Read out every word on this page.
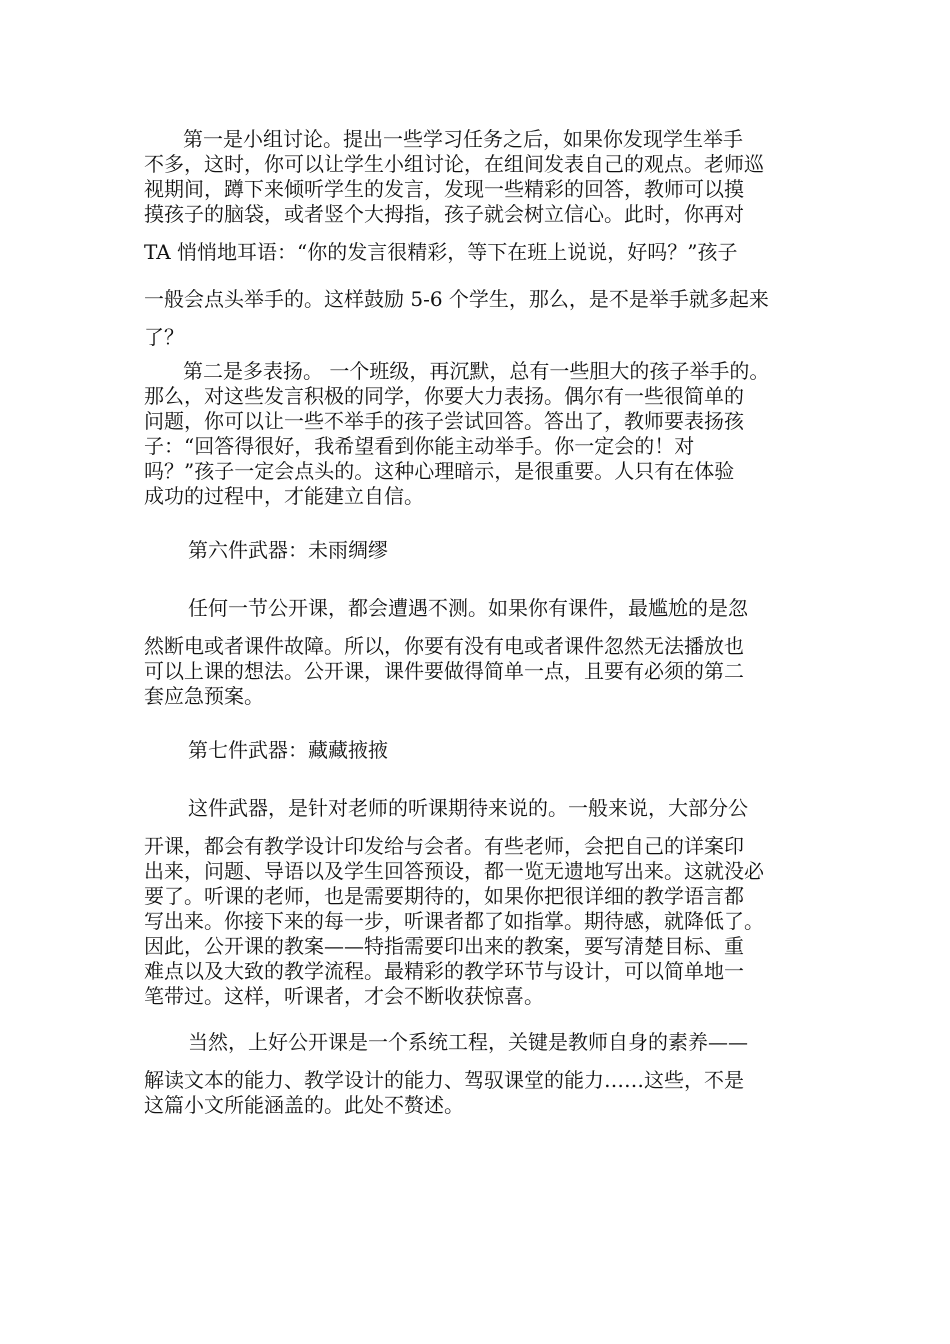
第一是小组讨论。提出一些学习任务之后，如果你发现学生举手
不多，这时，你可以让学生小组讨论，在组间发表自己的观点。老师巡
视期间，蹲下来倾听学生的发言，发现一些精彩的回答，教师可以摸
摸孩子的脑袋，或者竖个大拇指，孩子就会树立信心。此时，你再对
TA 悄悄地耳语：“你的发言很精彩，等下在班上说说，好吗？”孩子
一般会点头举手的。这样鼓励 5-6 个学生，那么，是不是举手就多起来
了？
第二是多表扬。 一个班级，再沉默，总有一些胆大的孩子举手的。
那么，对这些发言积极的同学，你要大力表扬。偶尔有一些很简单的
问题，你可以让一些不举手的孩子尝试回答。答出了，教师要表扬孩
子：“回答得很好，我希望看到你能主动举手。你一定会的！对
吗？”孩子一定会点头的。这种心理暗示，是很重要。人只有在体验
成功的过程中，才能建立自信。
第六件武器：未雨绸缪
任何一节公开课，都会遭遇不测。如果你有课件，最尴尬的是忽
然断电或者课件故障。所以，你要有没有电或者课件忽然无法播放也
可以上课的想法。公开课，课件要做得简单一点，且要有必须的第二
套应急预案。
第七件武器：藏藏掖掖
这件武器，是针对老师的听课期待来说的。一般来说，大部分公
开课，都会有教学设计印发给与会者。有些老师，会把自己的详案印
出来，问题、导语以及学生回答预设，都一览无遗地写出来。这就没必
要了。听课的老师，也是需要期待的，如果你把很详细的教学语言都
写出来。你接下来的每一步，听课者都了如指掌。期待感，就降低了。
因此，公开课的教案——特指需要印出来的教案，要写清楚目标、重
难点以及大致的教学流程。最精彩的教学环节与设计，可以简单地一
笔带过。这样，听课者，才会不断收获惊喜。
当然，上好公开课是一个系统工程，关键是教师自身的素养——
解读文本的能力、教学设计的能力、驾驭课堂的能力……这些，不是
这篇小文所能涵盖的。此处不赘述。
